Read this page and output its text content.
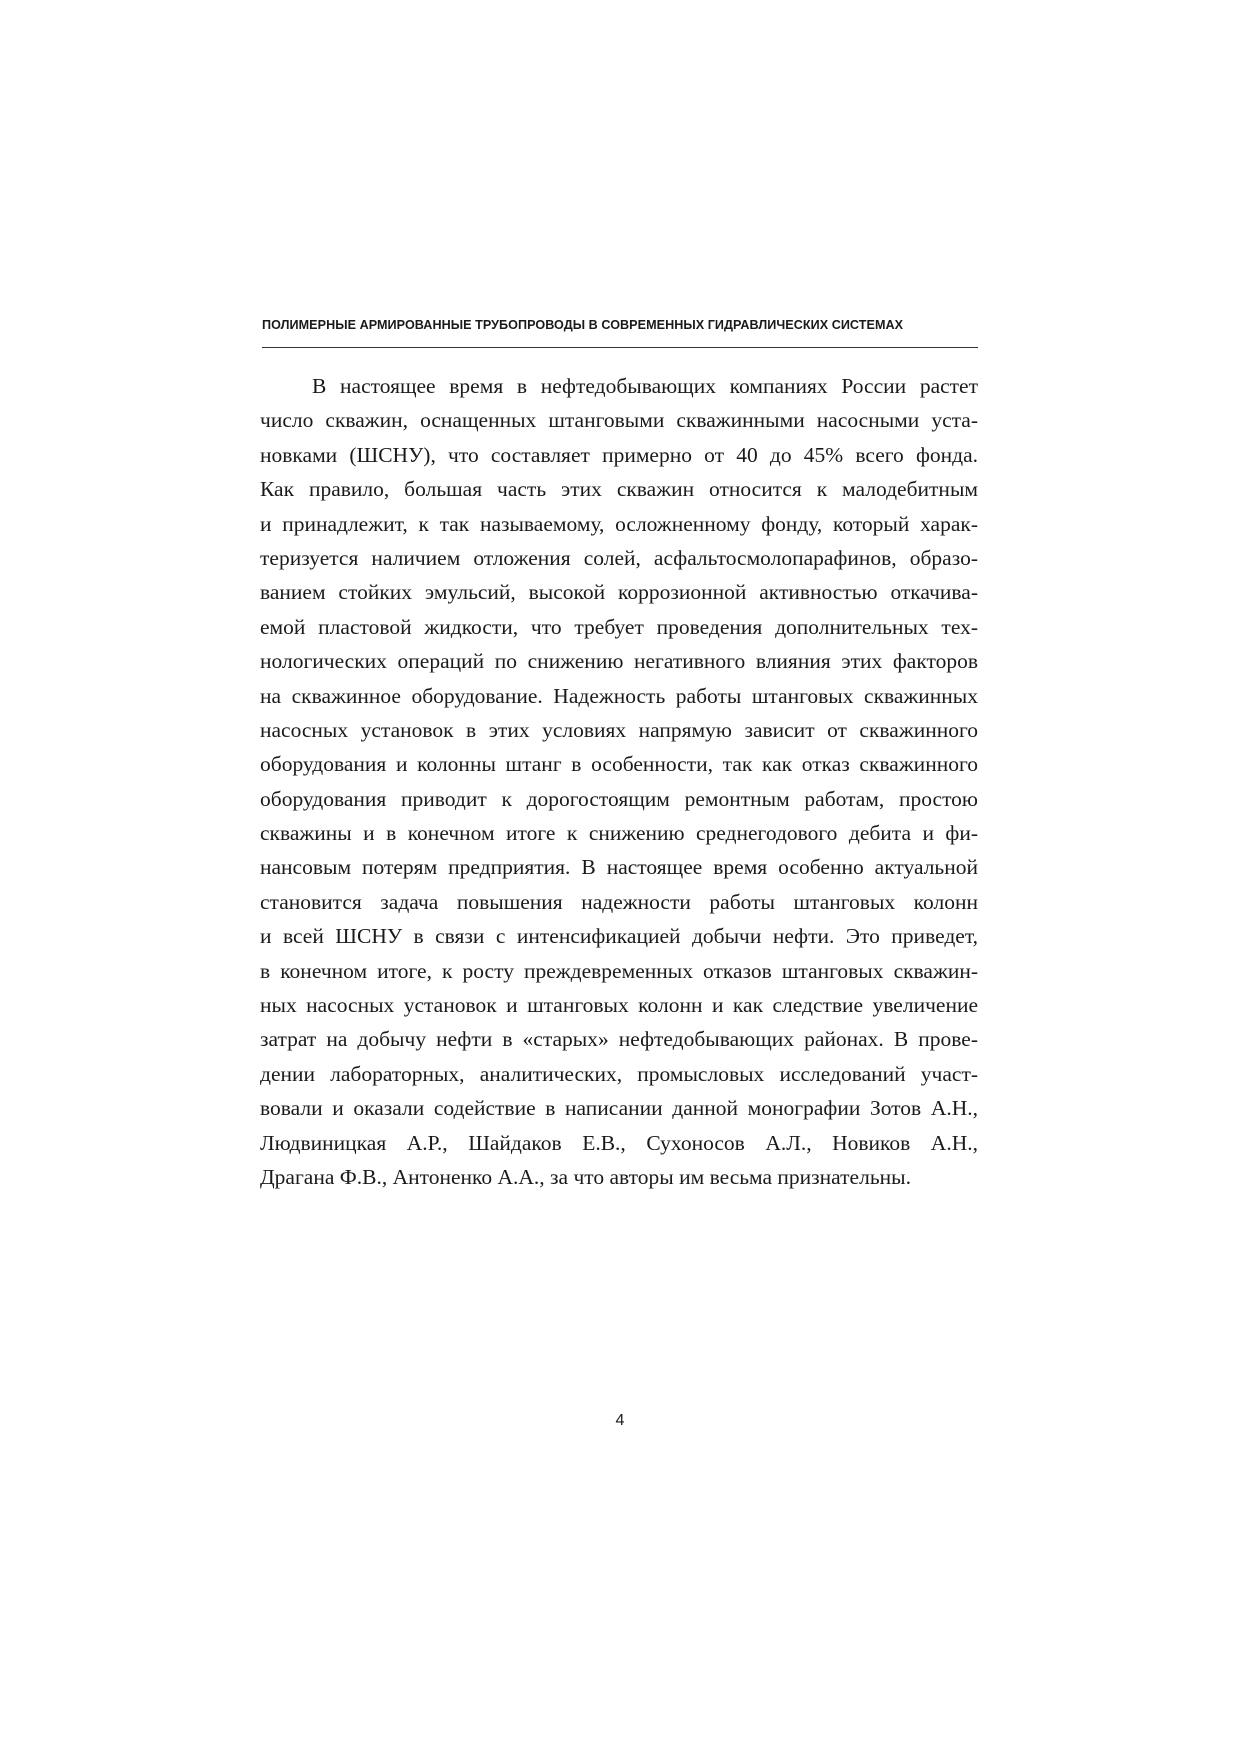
ПОЛИМЕРНЫЕ АРМИРОВАННЫЕ ТРУБОПРОВОДЫ В СОВРЕМЕННЫХ ГИДРАВЛИЧЕСКИХ СИСТЕМАХ
В настоящее время в нефтедобывающих компаниях России растет
число скважин, оснащенных штанговыми скважинными насосными уста-
новками (ШСНУ), что составляет примерно от 40 до 45% всего фонда.
Как правило, большая часть этих скважин относится к малодебитным
и принадлежит, к так называемому, осложненному фонду, который харак-
теризуется наличием отложения солей, асфальтосмолопарафинов, образо-
ванием стойких эмульсий, высокой коррозионной активностью откачива-
емой пластовой жидкости, что требует проведения дополнительных тех-
нологических операций по снижению негативного влияния этих факторов
на скважинное оборудование. Надежность работы штанговых скважинных
насосных установок в этих условиях напрямую зависит от скважинного
оборудования и колонны штанг в особенности, так как отказ скважинного
оборудования приводит к дорогостоящим ремонтным работам, простою
скважины и в конечном итоге к снижению среднегодового дебита и фи-
нансовым потерям предприятия. В настоящее время особенно актуальной
становится задача повышения надежности работы штанговых колонн
и всей ШСНУ в связи с интенсификацией добычи нефти. Это приведет,
в конечном итоге, к росту преждевременных отказов штанговых скважин-
ных насосных установок и штанговых колонн и как следствие увеличение
затрат на добычу нефти в «старых» нефтедобывающих районах. В прове-
дении лабораторных, аналитических, промысловых исследований участ-
вовали и оказали содействие в написании данной монографии Зотов А.Н.,
Людвиницкая А.Р., Шайдаков Е.В., Сухоносов А.Л., Новиков А.Н.,
Драгана Ф.В., Антоненко А.А., за что авторы им весьма признательны.
4
